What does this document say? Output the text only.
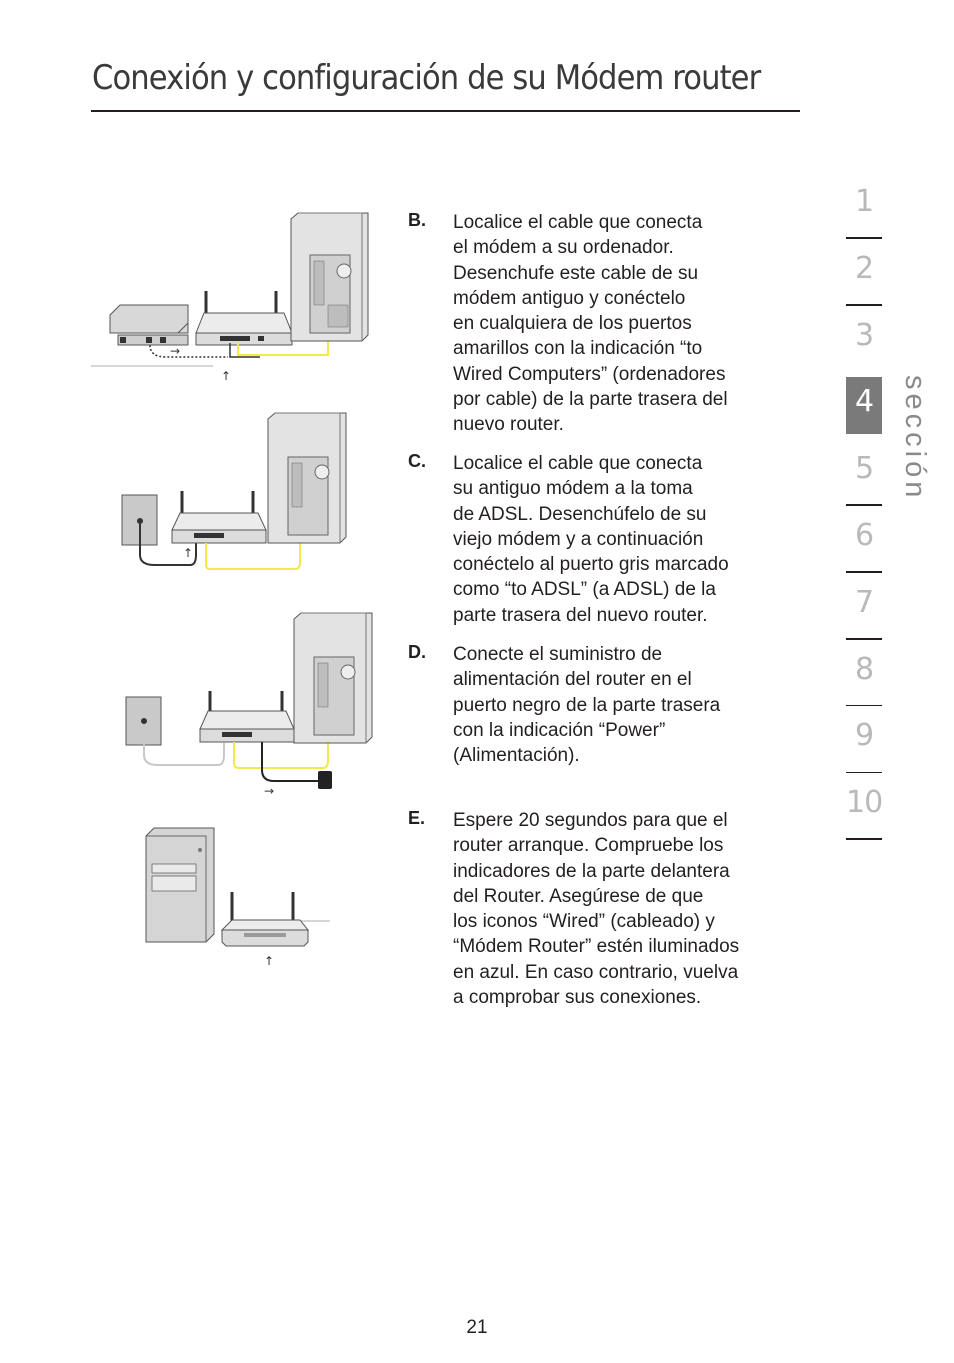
Conexión y configuración de su Módem router
→
↑
↑
→
↑
B. Localice el cable que conecta
el módem a su ordenador.
Desenchufe este cable de su
módem antiguo y conéctelo
en cualquiera de los puertos
amarillos con la indicación “to
Wired Computers” (ordenadores
por cable) de la parte trasera del
nuevo router.

C. Localice el cable que conecta
su antiguo módem a la toma
de ADSL. Desenchúfelo de su
viejo módem y a continuación
conéctelo al puerto gris marcado
como “to ADSL” (a ADSL) de la
parte trasera del nuevo router.

D. Conecte el suministro de
alimentación del router en el
puerto negro de la parte trasera
con la indicación “Power”
(Alimentación).

E. Espere 20 segundos para que el
router arranque. Compruebe los
indicadores de la parte delantera
del Router. Asegúrese de que
los iconos “Wired” (cableado) y
“Módem Router” estén iluminados
en azul. En caso contrario, vuelva
a comprobar sus conexiones.

1
2
3
4
5
6
7
8
9
10
sección
21
